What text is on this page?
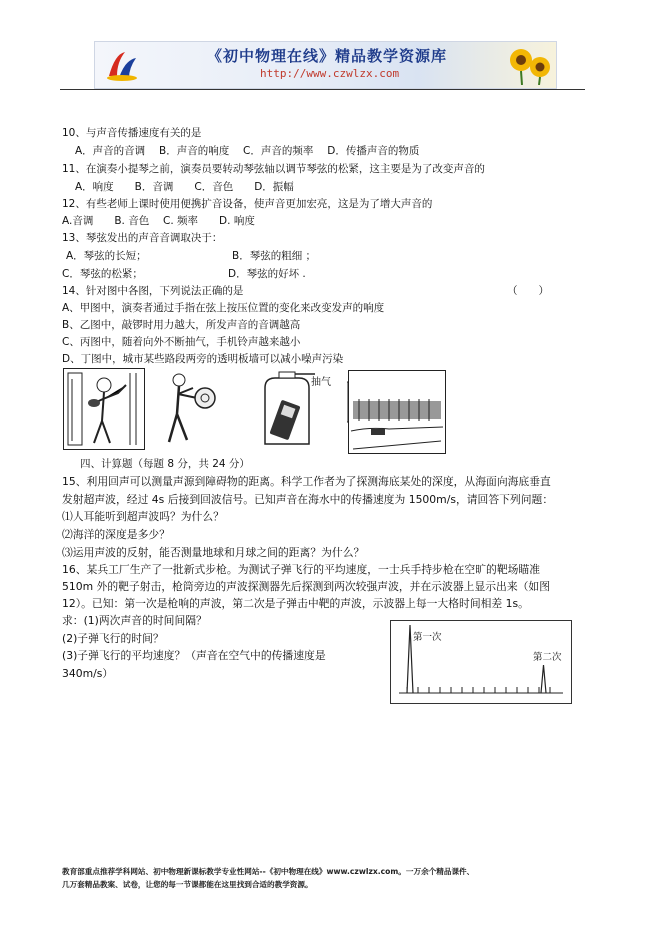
《初中物理在线》精品教学资源库
http://www.czwlzx.com
10、与声音传播速度有关的是
A．声音的音调　 B．声音的响度　 C．声音的频率　 D．传播声音的物质
11、在演奏小提琴之前，演奏员要转动琴弦轴以调节琴弦的松紧，这主要是为了改变声音的
A．响度　　B．音调　　C．音色　　D．振幅
12、有些老师上课时使用便携扩音设备，使声音更加宏亮，这是为了增大声音的
A.音调　　B. 音色　 C. 频率　　D. 响度
13、琴弦发出的声音音调取决于：
A．琴弦的长短；	B．琴弦的粗细 ；
C．琴弦的松紧；	D．琴弦的好坏 .
14、针对图中各图，下列说法正确的是	（　　）
A、甲图中，演奏者通过手指在弦上按压位置的变化来改变发声的响度
B、乙图中，敲锣时用力越大，所发声音的音调越高
C、丙图中，随着向外不断抽气，手机铃声越来越小
D、丁图中，城市某些路段两旁的透明板墙可以减小噪声污染
抽气
四、计算题（每题 8 分，共 24 分）
15、利用回声可以测量声源到障碍物的距离。科学工作者为了探测海底某处的深度，从海面向海底垂直
发射超声波，经过 4s 后接到回波信号。已知声音在海水中的传播速度为 1500m/s，请回答下列问题：
⑴人耳能听到超声波吗？为什么？
⑵海洋的深度是多少？
⑶运用声波的反射，能否测量地球和月球之间的距离？为什么？
16、某兵工厂生产了一批新式步枪。为测试子弹飞行的平均速度，一士兵手持步枪在空旷的靶场瞄准
510m 外的靶子射击，枪筒旁边的声波探测器先后探测到两次较强声波，并在示波器上显示出来（如图
12）。已知：第一次是枪响的声波，第二次是子弹击中靶的声波，示波器上每一大格时间相差 1s。
求：(1)两次声音的时间间隔？
(2)子弹飞行的时间？
(3)子弹飞行的平均速度？（声音在空气中的传播速度是
340m/s）
第一次
第二次
教育部重点推荐学科网站、初中物理新课标教学专业性网站--《初中物理在线》www.czwlzx.com。一万余个精品课件、
几万套精品教案、试卷，让您的每一节课都能在这里找到合适的教学资源。
